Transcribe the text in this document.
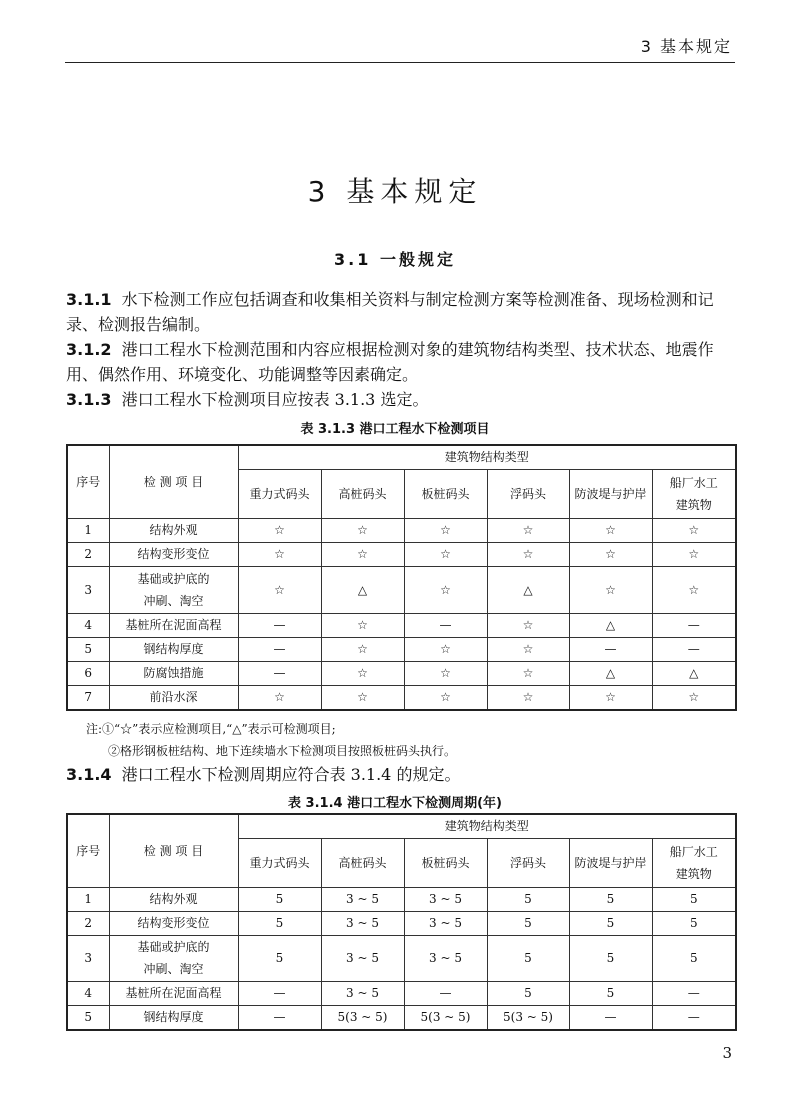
3 基本规定
3 基本规定
3.1 一般规定
3.1.1 水下检测工作应包括调查和收集相关资料与制定检测方案等检测准备、现场检测和记录、检测报告编制。
3.1.2 港口工程水下检测范围和内容应根据检测对象的建筑物结构类型、技术状态、地震作用、偶然作用、环境变化、功能调整等因素确定。
3.1.3 港口工程水下检测项目应按表 3.1.3 选定。
表 3.1.3 港口工程水下检测项目
序号	检 测 项 目	建筑物结构类型					
		重力式码头	高桩码头	板桩码头	浮码头	防波堤与护岸	船厂水工建筑物
1	结构外观	☆	☆	☆	☆	☆	☆
2	结构变形变位	☆	☆	☆	☆	☆	☆
3	基础或护底的冲刷、淘空	☆	△	☆	△	☆	☆
4	基桩所在泥面高程	—	☆	—	☆	△	—
5	钢结构厚度	—	☆	☆	☆	—	—
6	防腐蚀措施	—	☆	☆	☆	△	△
7	前沿水深	☆	☆	☆	☆	☆	☆
注:①“☆”表示应检测项目,“△”表示可检测项目;
②格形钢板桩结构、地下连续墙水下检测项目按照板桩码头执行。
3.1.4 港口工程水下检测周期应符合表 3.1.4 的规定。
表 3.1.4 港口工程水下检测周期(年)
序号	检 测 项 目	建筑物结构类型					
		重力式码头	高桩码头	板桩码头	浮码头	防波堤与护岸	船厂水工建筑物
1	结构外观	5	3 ~ 5	3 ~ 5	5	5	5
2	结构变形变位	5	3 ~ 5	3 ~ 5	5	5	5
3	基础或护底的冲刷、淘空	5	3 ~ 5	3 ~ 5	5	5	5
4	基桩所在泥面高程	—	3 ~ 5	—	5	5	—
5	钢结构厚度	—	5(3 ~ 5)	5(3 ~ 5)	5(3 ~ 5)	—	—
3
